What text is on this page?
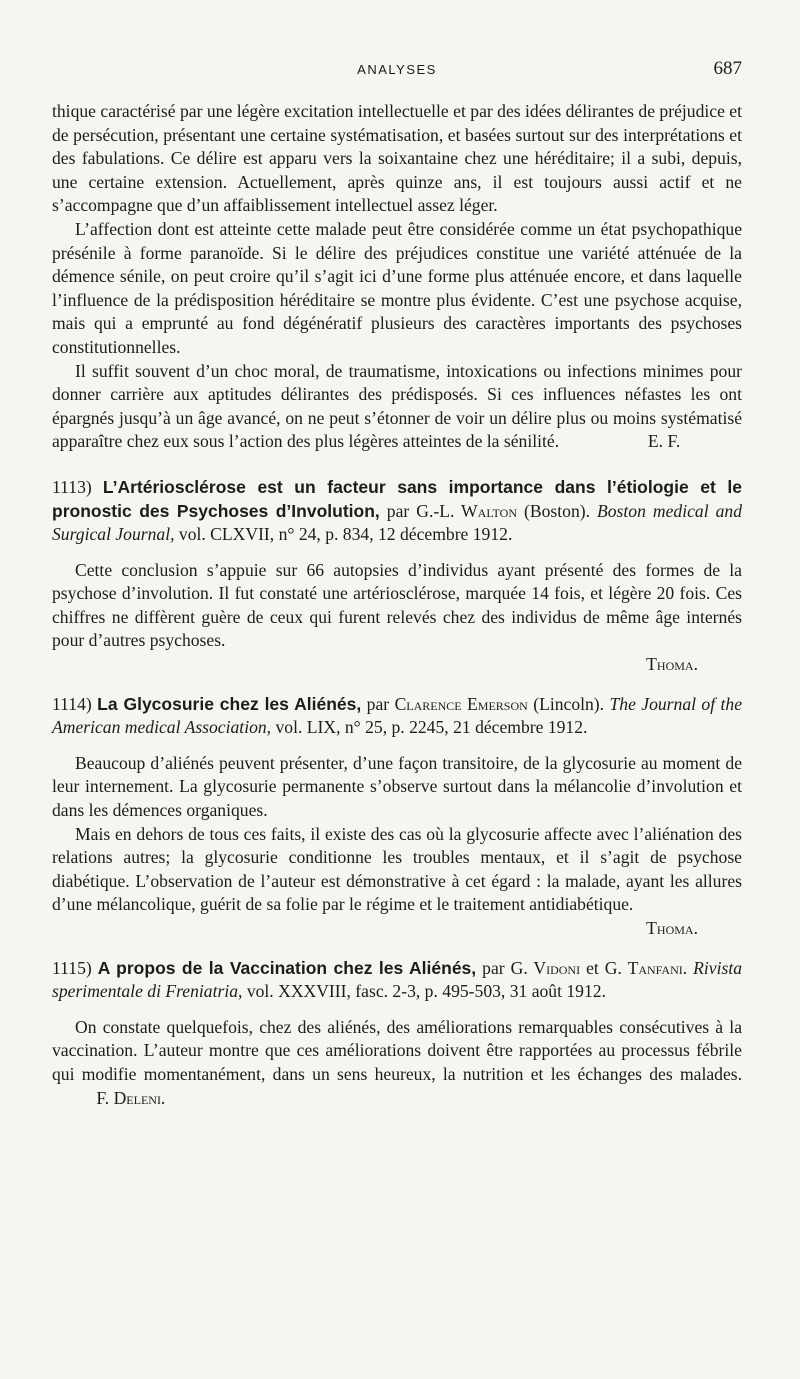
ANALYSES	687

thique caractérisé par une légère excitation intellectuelle et par des idées délirantes de préjudice et de persécution, présentant une certaine systématisation, et basées surtout sur des interprétations et des fabulations. Ce délire est apparu vers la soixantaine chez une héréditaire; il a subi, depuis, une certaine extension. Actuellement, après quinze ans, il est toujours aussi actif et ne s’accompagne que d’un affaiblissement intellectuel assez léger.

L’affection dont est atteinte cette malade peut être considérée comme un état psychopathique présénile à forme paranoïde. Si le délire des préjudices constitue une variété atténuée de la démence sénile, on peut croire qu’il s’agit ici d’une forme plus atténuée encore, et dans laquelle l’influence de la prédisposition héréditaire se montre plus évidente. C’est une psychose acquise, mais qui a emprunté au fond dégénératif plusieurs des caractères importants des psychoses constitutionnelles.

Il suffit souvent d’un choc moral, de traumatisme, intoxications ou infections minimes pour donner carrière aux aptitudes délirantes des prédisposés. Si ces influences néfastes les ont épargnés jusqu’à un âge avancé, on ne peut s’étonner de voir un délire plus ou moins systématisé apparaître chez eux sous l’action des plus légères atteintes de la sénilité.	E. F.

1113) L’Artériosclérose est un facteur sans importance dans l’étiologie et le pronostic des Psychoses d’Involution, par G.-L. Walton (Boston). Boston medical and Surgical Journal, vol. CLXVII, n° 24, p. 834, 12 décembre 1912.

Cette conclusion s’appuie sur 66 autopsies d’individus ayant présenté des formes de la psychose d’involution. Il fut constaté une artériosclérose, marquée 14 fois, et légère 20 fois. Ces chiffres ne diffèrent guère de ceux qui furent relevés chez des individus de même âge internés pour d’autres psychoses.

Thoma.

1114) La Glycosurie chez les Aliénés, par Clarence Emerson (Lincoln). The Journal of the American medical Association, vol. LIX, n° 25, p. 2245, 21 décembre 1912.

Beaucoup d’aliénés peuvent présenter, d’une façon transitoire, de la glycosurie au moment de leur internement. La glycosurie permanente s’observe surtout dans la mélancolie d’involution et dans les démences organiques.

Mais en dehors de tous ces faits, il existe des cas où la glycosurie affecte avec l’aliénation des relations autres; la glycosurie conditionne les troubles mentaux, et il s’agit de psychose diabétique. L’observation de l’auteur est démonstrative à cet égard : la malade, ayant les allures d’une mélancolique, guérit de sa folie par le régime et le traitement antidiabétique.

Thoma.

1115) A propos de la Vaccination chez les Aliénés, par G. Vidoni et G. Tanfani. Rivista sperimentale di Freniatria, vol. XXXVIII, fasc. 2-3, p. 495-503, 31 août 1912.

On constate quelquefois, chez des aliénés, des améliorations remarquables consécutives à la vaccination. L’auteur montre que ces améliorations doivent être rapportées au processus fébrile qui modifie momentanément, dans un sens heureux, la nutrition et les échanges des malades.  F. Deleni.
